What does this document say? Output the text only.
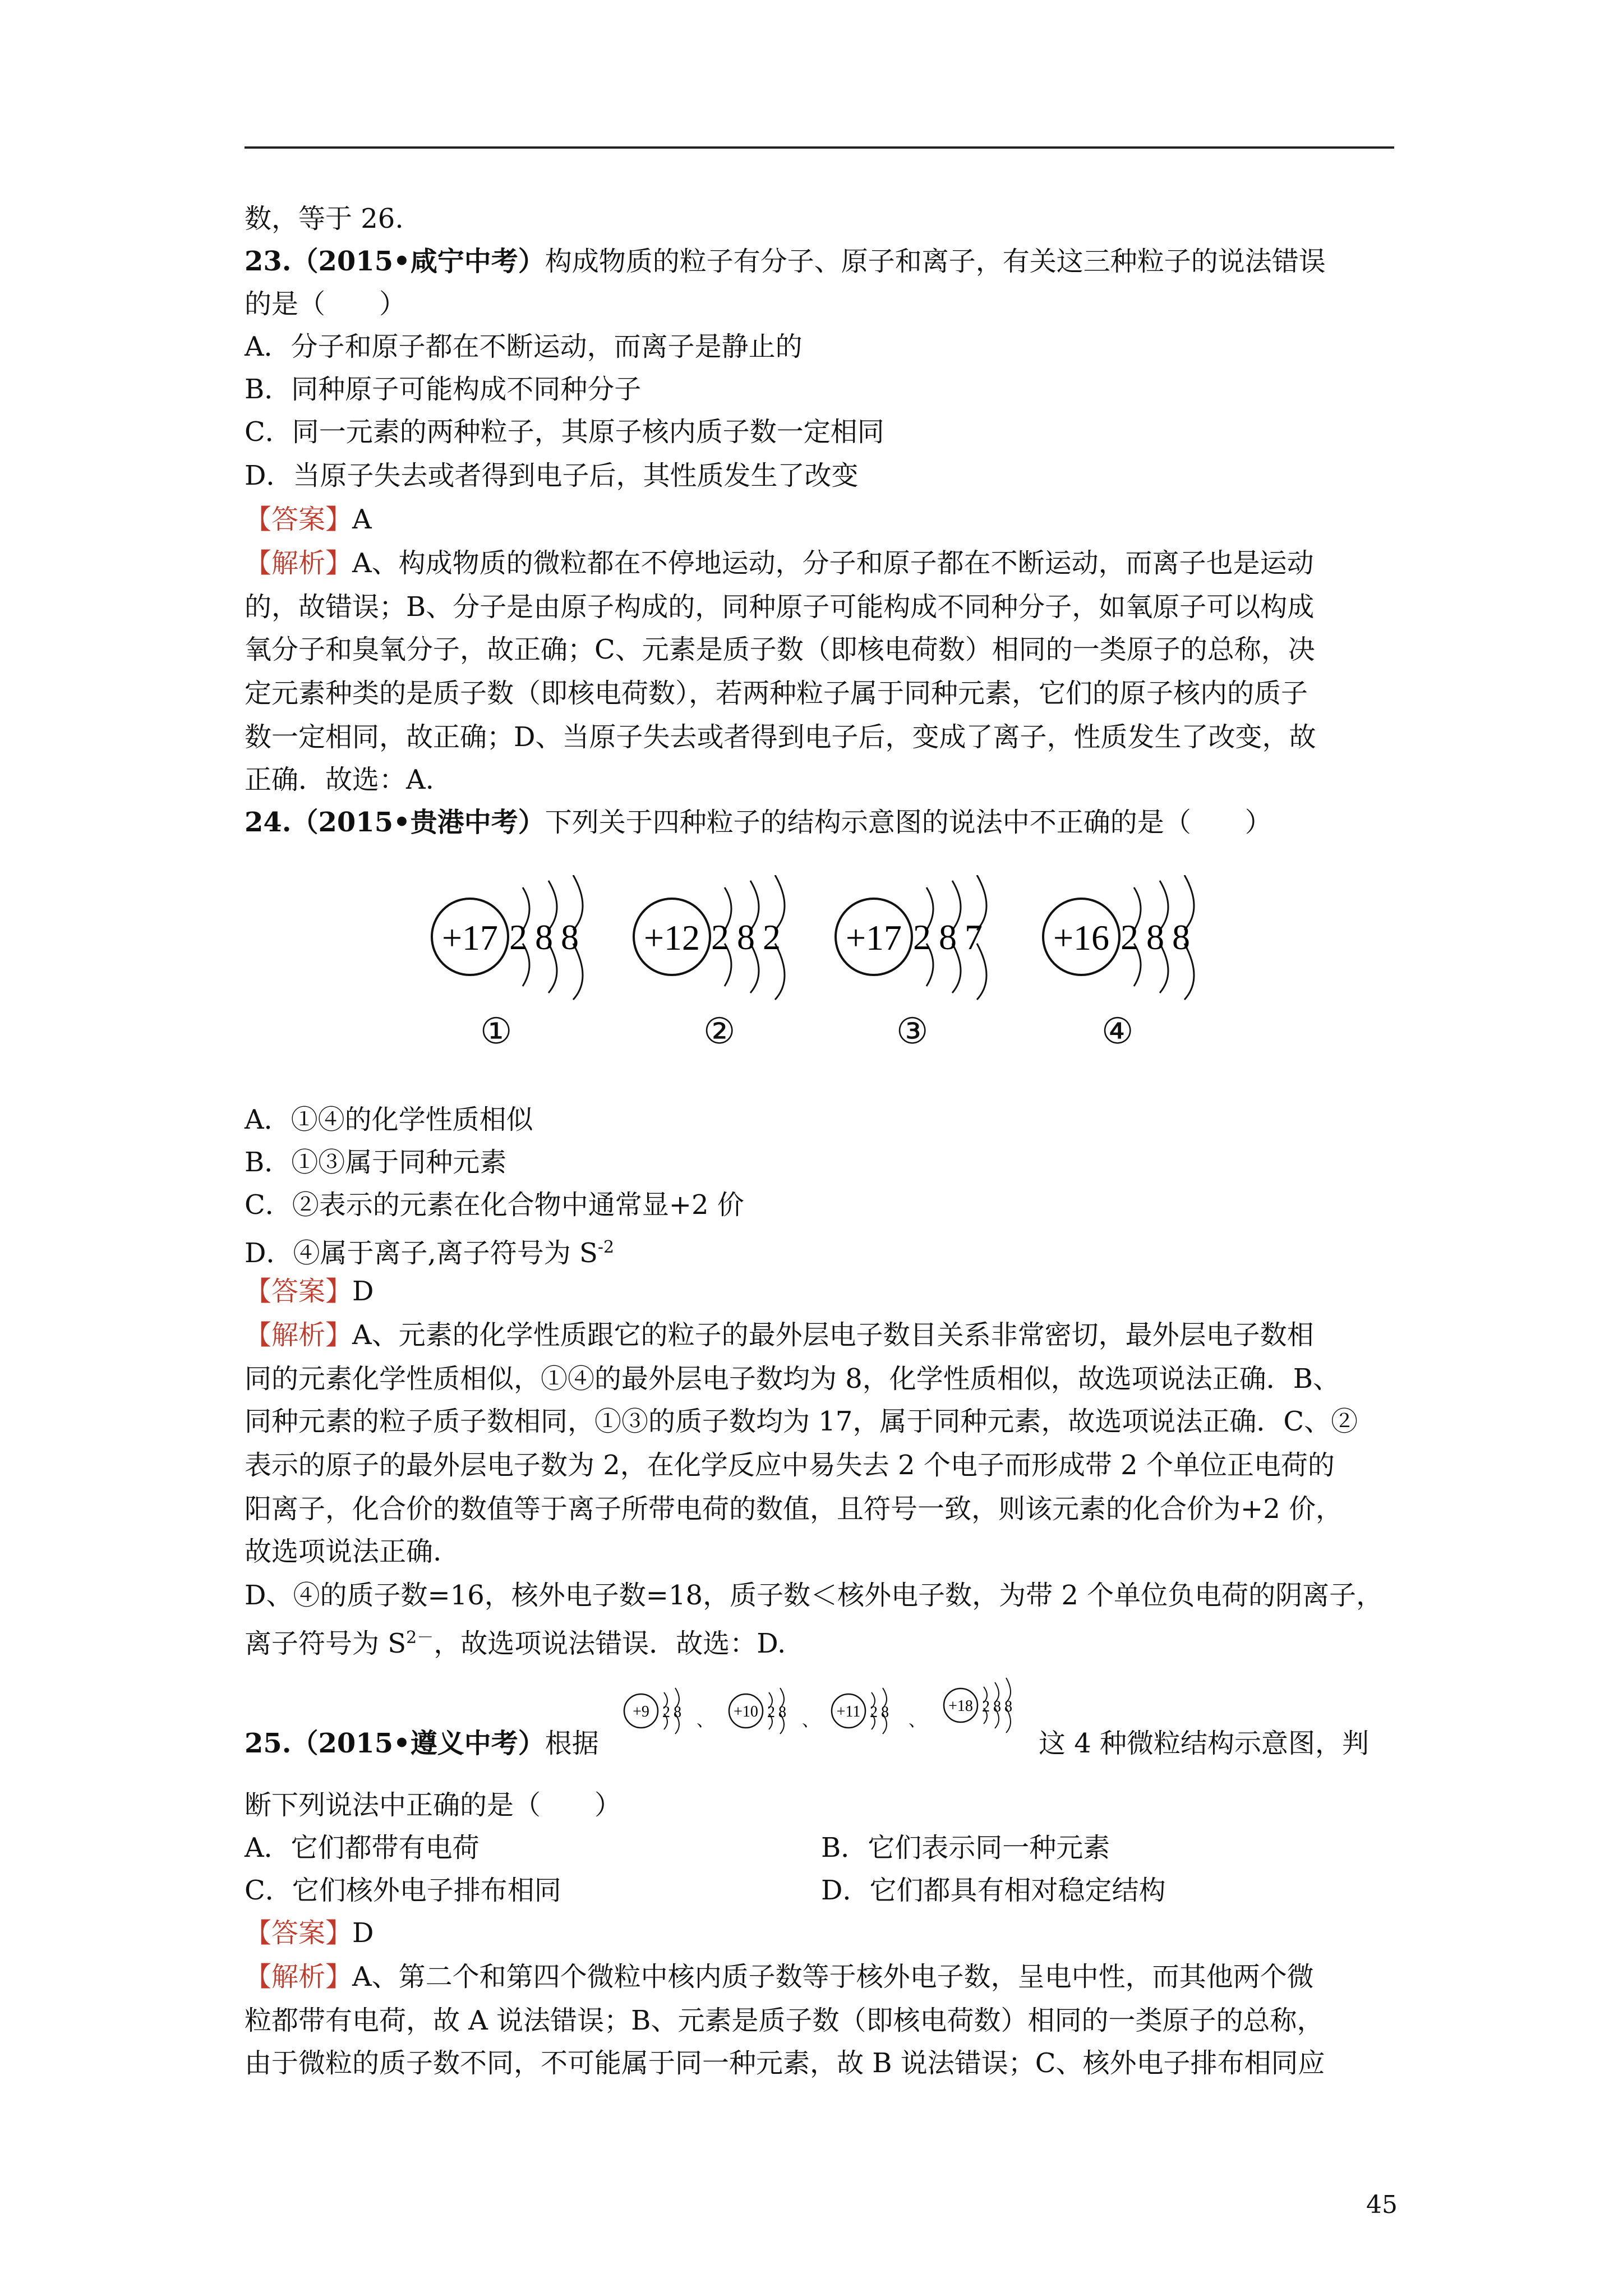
数，等于 26.
23.（2015•咸宁中考）构成物质的粒子有分子、原子和离子，有关这三种粒子的说法错误
的是（　　）
A．分子和原子都在不断运动，而离子是静止的
B．同种原子可能构成不同种分子
C．同一元素的两种粒子，其原子核内质子数一定相同
D．当原子失去或者得到电子后，其性质发生了改变
【答案】A
【解析】A、构成物质的微粒都在不停地运动，分子和原子都在不断运动，而离子也是运动
的，故错误；B、分子是由原子构成的，同种原子可能构成不同种分子，如氧原子可以构成
氧分子和臭氧分子，故正确；C、元素是质子数（即核电荷数）相同的一类原子的总称，决
定元素种类的是质子数（即核电荷数），若两种粒子属于同种元素，它们的原子核内的质子
数一定相同，故正确；D、当原子失去或者得到电子后，变成了离子，性质发生了改变，故
正确．故选：A.
24.（2015•贵港中考）下列关于四种粒子的结构示意图的说法中不正确的是（　　）
+17 2 8 8 +12 2 8 2 +17 2 8 7 +16 2 8 8
①	②	③	④
A．①④的化学性质相似
B．①③属于同种元素
C．②表示的元素在化合物中通常显+2 价
D．④属于离子,离子符号为 $S^{-2}$
【答案】D
【解析】A、元素的化学性质跟它的粒子的最外层电子数目关系非常密切，最外层电子数相
同的元素化学性质相似，①④的最外层电子数均为 8，化学性质相似，故选项说法正确．B、
同种元素的粒子质子数相同，①③的质子数均为 17，属于同种元素，故选项说法正确．C、②
表示的原子的最外层电子数为 2，在化学反应中易失去 2 个电子而形成带 2 个单位正电荷的
阳离子，化合价的数值等于离子所带电荷的数值，且符号一致，则该元素的化合价为+2 价，
故选项说法正确.
D、④的质子数=16，核外电子数=18，质子数＜核外电子数，为带 2 个单位负电荷的阴离子，
离子符号为 $S^{2-}$，故选项说法错误．故选：D.
25.（2015•遵义中考）根据
+9 2 8 、 +10 2 8 、 +11 2 8 、
+18 2 8 8
这 4 种微粒结构示意图，判
断下列说法中正确的是（　　）
A．它们都带有电荷	B．它们表示同一种元素
C．它们核外电子排布相同	D．它们都具有相对稳定结构
【答案】D
【解析】A、第二个和第四个微粒中核内质子数等于核外电子数，呈电中性，而其他两个微
粒都带有电荷，故 A 说法错误；B、元素是质子数（即核电荷数）相同的一类原子的总称，
由于微粒的质子数不同，不可能属于同一种元素，故 B 说法错误；C、核外电子排布相同应
45
